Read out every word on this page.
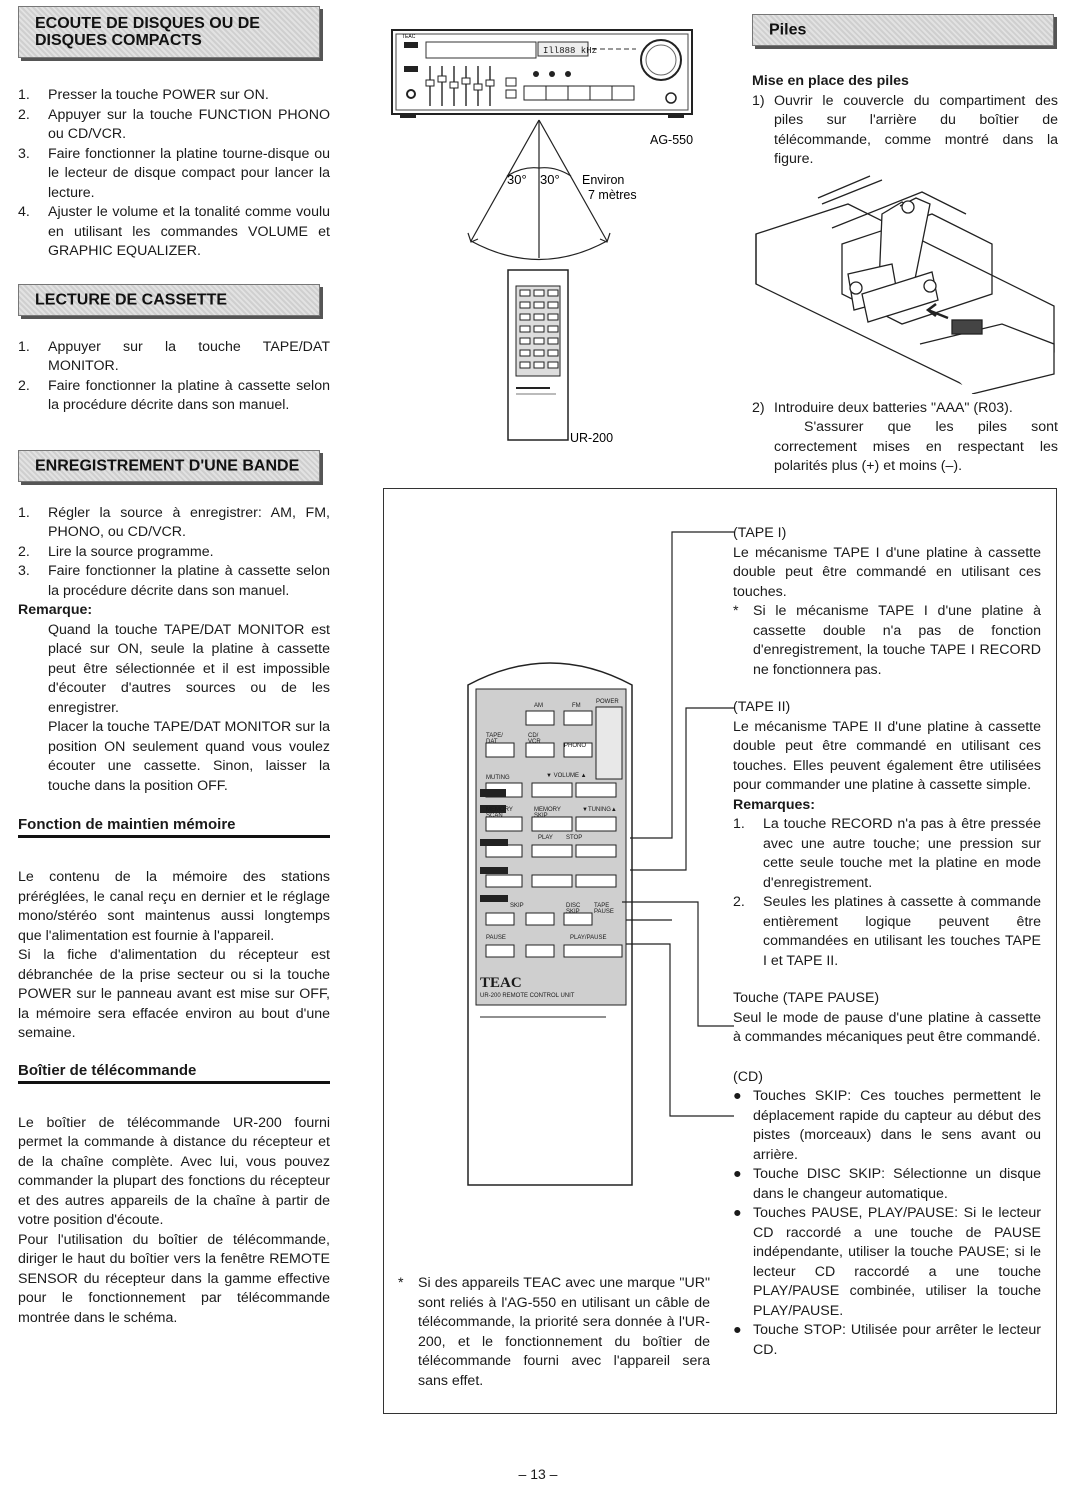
ECOUTE DE DISQUES OU DE
DISQUES COMPACTS
1.	Presser la touche POWER sur ON.
2.	Appuyer sur la touche FUNCTION PHONO ou CD/VCR.
3.	Faire fonctionner la platine tourne-disque ou le lecteur de disque compact pour lancer la lecture.
4.	Ajuster le volume et la tonalité comme voulu en utilisant les commandes VOLUME et GRAPHIC EQUALIZER.
LECTURE DE CASSETTE
1.	Appuyer sur la touche TAPE/DAT MONITOR.
2.	Faire fonctionner la platine à cassette selon la procédure décrite dans son manuel.
ENREGISTREMENT D'UNE BANDE
1.	Régler la source à enregistrer: AM, FM, PHONO, ou CD/VCR.
2.	Lire la source programme.
3.	Faire fonctionner la platine à cassette selon la procédure décrite dans son manuel.
Remarque:
Quand la touche TAPE/DAT MONITOR est placé sur ON, seule la platine à cassette peut être sélectionnée et il est impossible d'écouter d'autres sources ou de les enregistrer.
Placer la touche TAPE/DAT MONITOR sur la position ON seulement quand vous voulez écouter une cassette. Sinon, laisser la touche dans la position OFF.
Fonction de maintien mémoire
Le contenu de la mémoire des stations préréglées, le canal reçu en dernier et le réglage mono/stéréo sont maintenus aussi longtemps que l'alimentation est fournie à l'appareil.
Si la fiche d'alimentation du récepteur est débranchée de la prise secteur ou si la touche POWER sur le panneau avant est mise sur OFF, la mémoire sera effacée environ au bout d'une semaine.
Boîtier de télécommande
Le boîtier de télécommande UR-200 fourni permet la commande à distance du récepteur et de la chaîne complète. Avec lui, vous pouvez commander la plupart des fonctions du récepteur et des autres appareils de la chaîne à partir de votre position d'écoute.
Pour l'utilisation du boîtier de télécommande, diriger le haut du boîtier vers la fenêtre REMOTE SENSOR du récepteur dans la gamme effective pour le fonctionnement par télécommande montrée dans le schéma.
Ill888 kHz
TEAC
AG-550
30° 30° Environ
7 mètres
UR-200
Piles
Mise en place des piles
1) Ouvrir le couvercle du compartiment des piles sur l'arrière du boîtier de télécommande, comme montré dans la figure.
2) Introduire deux batteries "AAA" (R03).
S'assurer que les piles sont correctement mises en respectant les polarités plus (+) et moins (–).
POWER
AM	FM
TAPE/ DAT
CD/ VCR
PHONO
MUTING	▼ VOLUME ▲
MEMORY SCAN
MEMORY SKIP
▼TUNING▲
RECORD
PLAY STOP
SKIP	DISC SKIP
TAPE PAUSE
PAUSE	PLAY/PAUSE
TEAC
UR-200 REMOTE CONTROL UNIT
(TAPE I)
Le mécanisme TAPE I d'une platine à cassette double peut être commandé en utilisant ces touches.
*	Si le mécanisme TAPE I d'une platine à cassette double n'a pas de fonction d'enregistrement, la touche TAPE I RECORD ne fonctionnera pas.
(TAPE II)
Le mécanisme TAPE II d'une platine à cassette double peut être commandé en utilisant ces touches. Elles peuvent également être utilisées pour commander une platine à cassette simple.
Remarques:
1.	La touche RECORD n'a pas à être pressée avec une autre touche; une pression sur cette seule touche met la platine en mode d'enregistrement.
2.	Seules les platines à cassette à commande entièrement logique peuvent être commandées en utilisant les touches TAPE I et TAPE II.
Touche (TAPE PAUSE)
Seul le mode de pause d'une platine à cassette à commandes mécaniques peut être commandé.
(CD)
● Touches SKIP: Ces touches permettent le déplacement rapide du capteur au début des pistes (morceaux) dans le sens avant ou arrière.
● Touche DISC SKIP: Sélectionne un disque dans le changeur automatique.
● Touches PAUSE, PLAY/PAUSE: Si le lecteur CD raccordé a une touche de PAUSE indépendante, utiliser la touche PAUSE; si le lecteur CD raccordé a une touche PLAY/PAUSE combinée, utiliser la touche PLAY/PAUSE.
● Touche STOP: Utilisée pour arrêter le lecteur CD.
*	Si des appareils TEAC avec une marque "UR" sont reliés à l'AG-550 en utilisant un câble de télécommande, la priorité sera donnée à l'UR-200, et le fonctionnement du boîtier de télécommande fourni avec l'appareil sera sans effet.
– 13 –
